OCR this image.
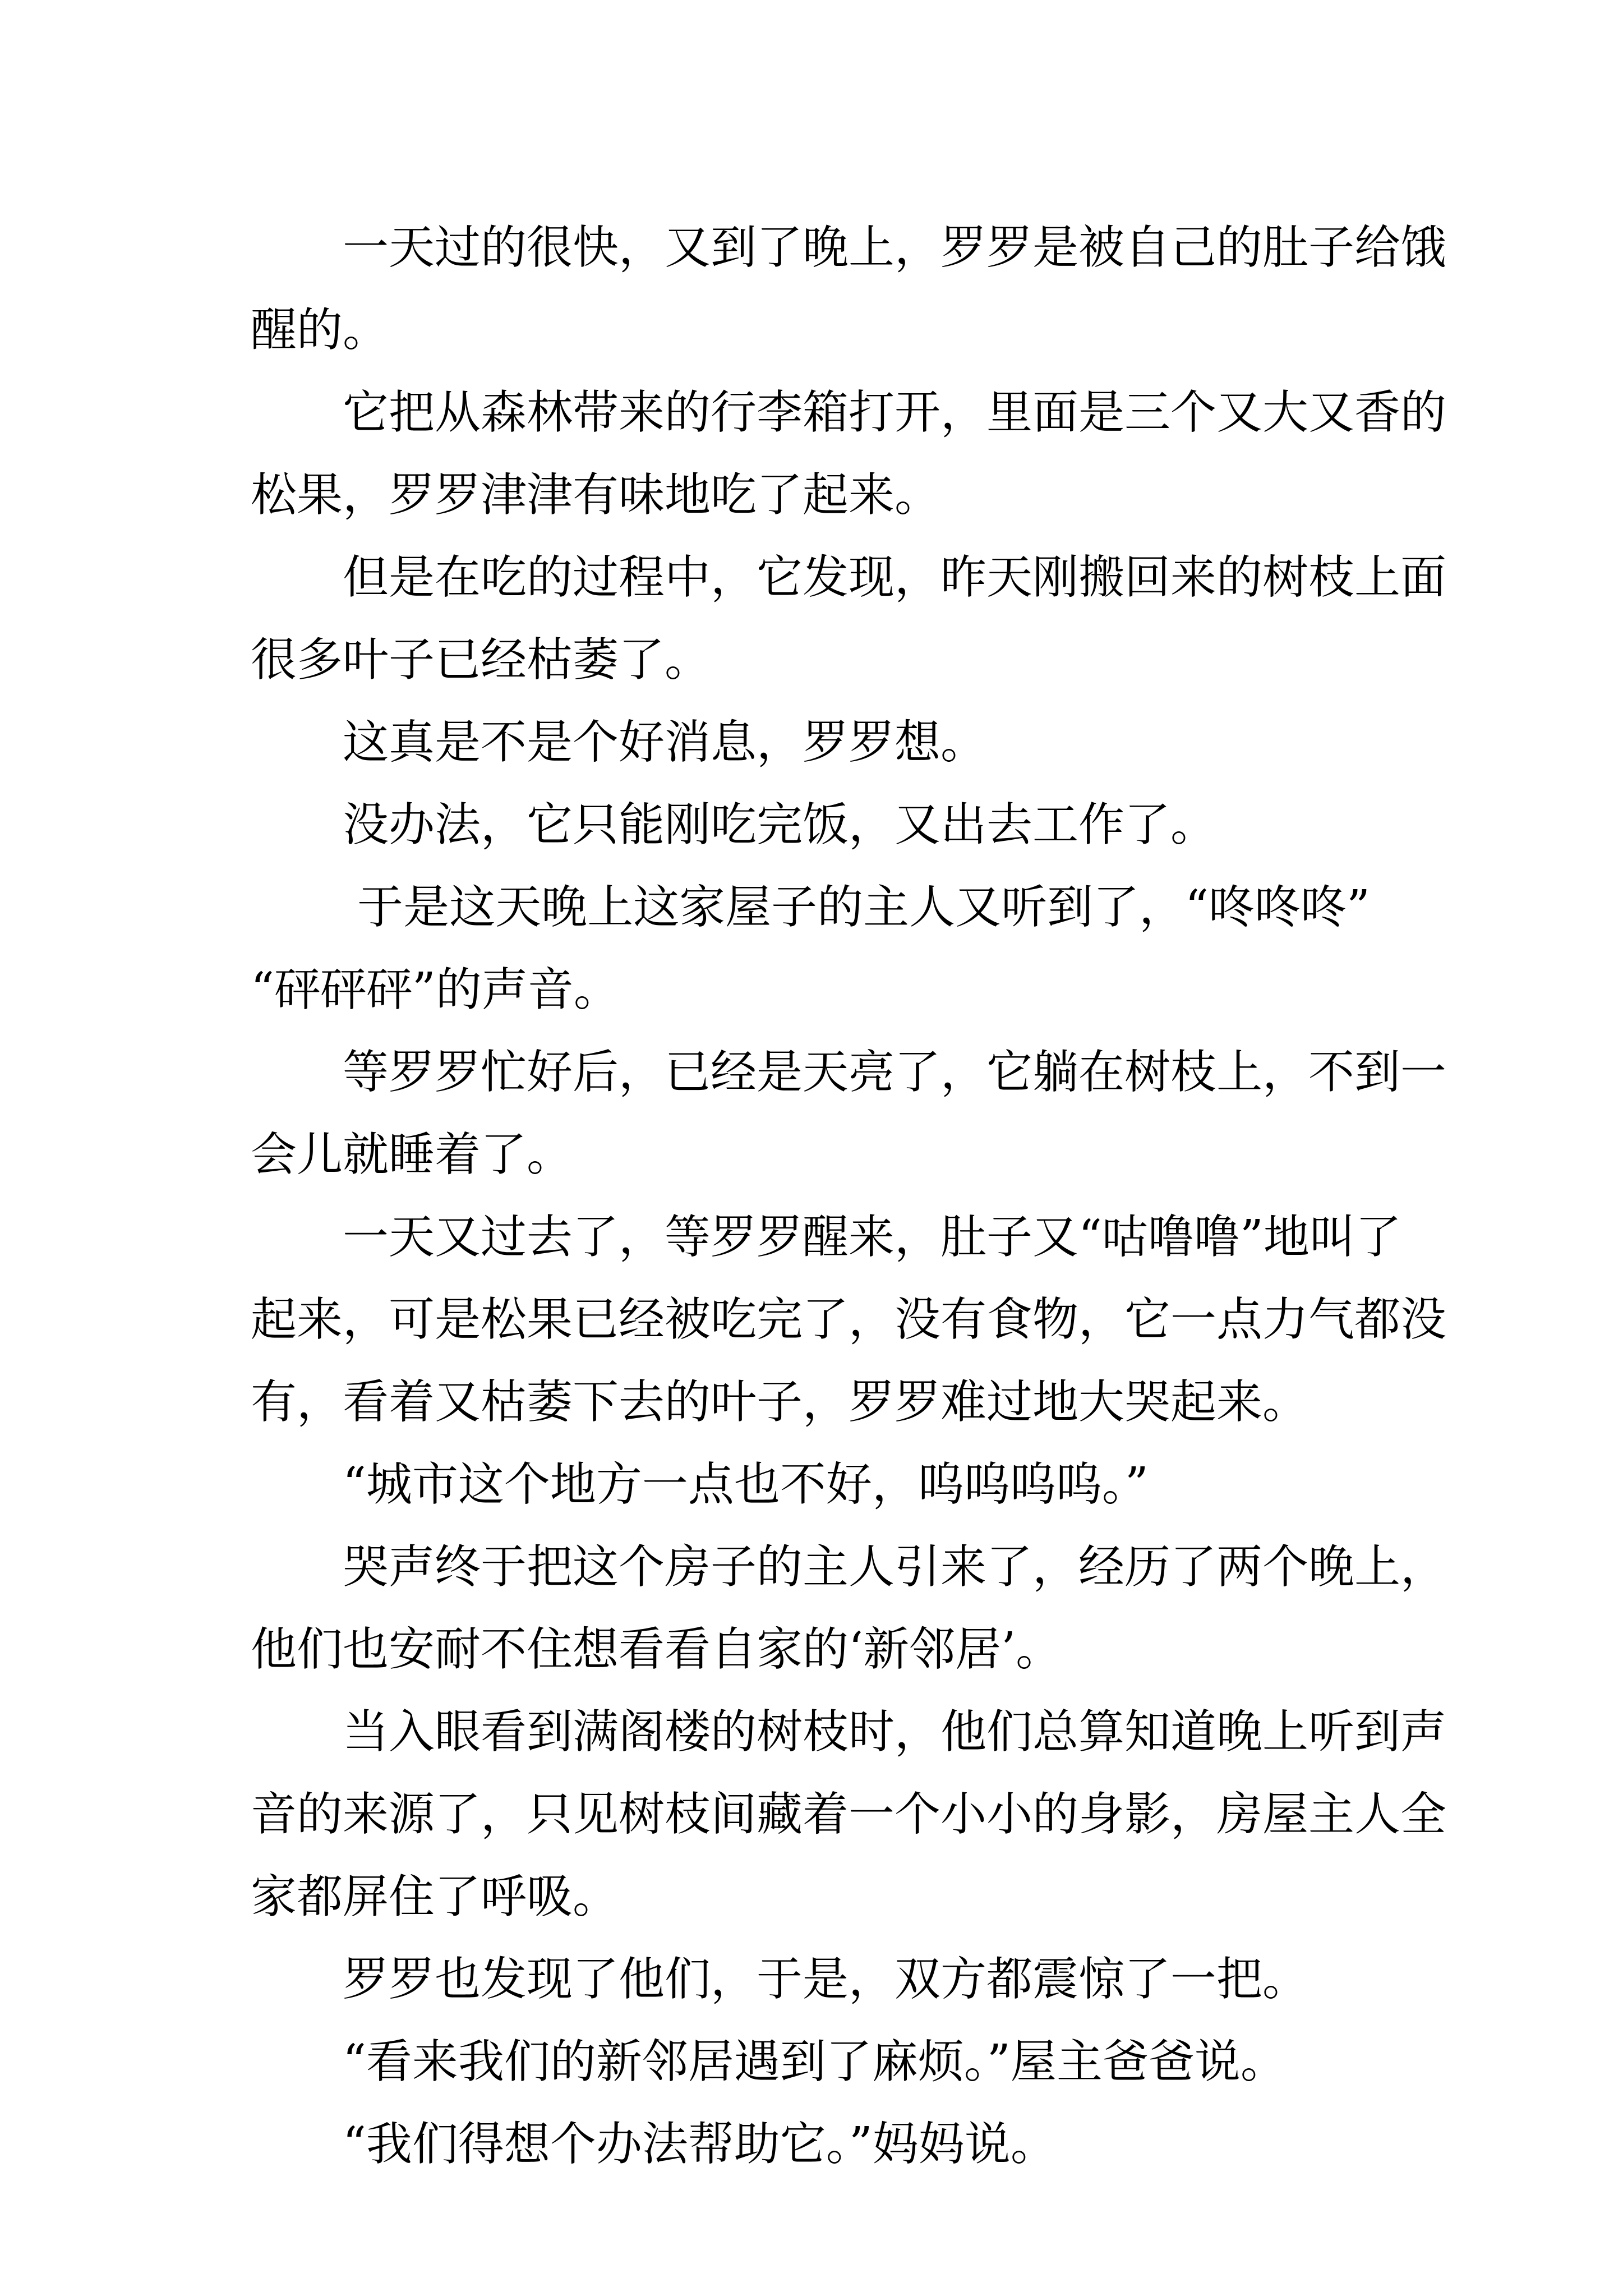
　　一天过的很快，又到了晚上，罗罗是被自己的肚子给饿
醒的。
　　它把从森林带来的行李箱打开，里面是三个又大又香的
松果，罗罗津津有味地吃了起来。
　　但是在吃的过程中，它发现，昨天刚搬回来的树枝上面
很多叶子已经枯萎了。
　　这真是不是个好消息，罗罗想。
　　没办法，它只能刚吃完饭，又出去工作了。
　　 于是这天晚上这家屋子的主人又听到了，“咚咚咚”
“砰砰砰”的声音。
　　等罗罗忙好后，已经是天亮了，它躺在树枝上，不到一
会儿就睡着了。
　　一天又过去了，等罗罗醒来，肚子又“咕噜噜”地叫了
起来，可是松果已经被吃完了，没有食物，它一点力气都没
有，看着又枯萎下去的叶子，罗罗难过地大哭起来。
　　“城市这个地方一点也不好，呜呜呜呜。”
　　哭声终于把这个房子的主人引来了，经历了两个晚上，
他们也安耐不住想看看自家的‘新邻居’。
　　当入眼看到满阁楼的树枝时，他们总算知道晚上听到声
音的来源了，只见树枝间藏着一个小小的身影，房屋主人全
家都屏住了呼吸。
　　罗罗也发现了他们，于是，双方都震惊了一把。
　　“看来我们的新邻居遇到了麻烦。”屋主爸爸说。
　　“我们得想个办法帮助它。”妈妈说。
